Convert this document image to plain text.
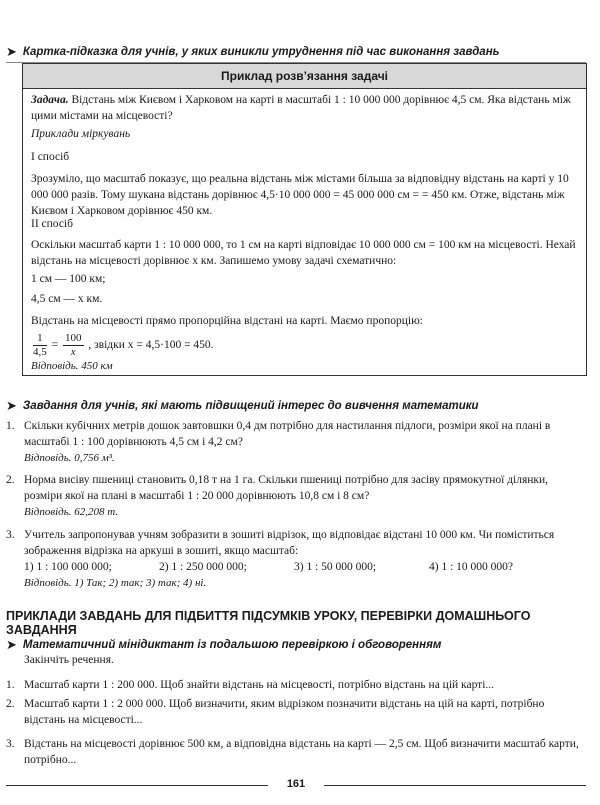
➤ Картка-підказка для учнів, у яких виникли утруднення під час виконання завдань
Приклад розв’язання задачі
Задача. Відстань між Києвом і Харковом на карті в масштабі 1 : 10 000 000 дорівнює 4,5 см. Яка відстань між цими містами на місцевості?
Приклади міркувань
І спосіб
Зрозуміло, що масштаб показує, що реальна відстань між містами більша за відповідну відстань на карті у 10 000 000 разів. Тому шукана відстань дорівнює 4,5·10 000 000 = 45 000 000 см = = 450 км. Отже, відстань між Києвом і Харковом дорівнює 450 км.
ІІ спосіб
Оскільки масштаб карти 1 : 10 000 000, то 1 см на карті відповідає 10 000 000 см = 100 км на місцевості. Нехай відстань на місцевості дорівнює x км. Запишемо умову задачі схематично:
1 см — 100 км;
4,5 см — x км.
Відстань на місцевості прямо пропорційна відстані на карті. Маємо пропорцію:
$\frac{1}{4,5} = \frac{100}{x}$ , звідки x = 4,5·100 = 450.
Відповідь. 450 км
➤ Завдання для учнів, які мають підвищений інтерес до вивчення математики
1. Скільки кубічних метрів дошок завтовшки 0,4 дм потрібно для настилання підлоги, розміри якої на плані в масштабі 1 : 100 дорівнюють 4,5 см і 4,2 см?
Відповідь. 0,756 м³.
2. Норма висіву пшениці становить 0,18 т на 1 га. Скільки пшениці потрібно для засіву прямокутної ділянки, розміри якої на плані в масштабі 1 : 20 000 дорівнюють 10,8 см і 8 см?
Відповідь. 62,208 т.
3. Учитель запропонував учням зобразити в зошиті відрізок, що відповідає відстані 10 000 км. Чи поміститься зображення відрізка на аркуші в зошиті, якщо масштаб:
1) 1 : 100 000 000;	2) 1 : 250 000 000;	3) 1 : 50 000 000;	4) 1 : 10 000 000?
Відповідь. 1) Так; 2) так; 3) так; 4) ні.
ПРИКЛАДИ ЗАВДАНЬ ДЛЯ ПІДБИТТЯ ПІДСУМКІВ УРОКУ, ПЕРЕВІРКИ ДОМАШНЬОГО ЗАВДАННЯ
➤ Математичний мінідиктант із подальшою перевіркою і обговоренням
Закінчіть речення.
1. Масштаб карти 1 : 200 000. Щоб знайти відстань на місцевості, потрібно відстань на цій карті...
2. Масштаб карти 1 : 2 000 000. Щоб визначити, яким відрізком позначити відстань на цій на карті, потрібно відстань на місцевості...
3. Відстань на місцевості дорівнює 500 км, а відповідна відстань на карті — 2,5 см. Щоб визначити масштаб карти, потрібно...
161
